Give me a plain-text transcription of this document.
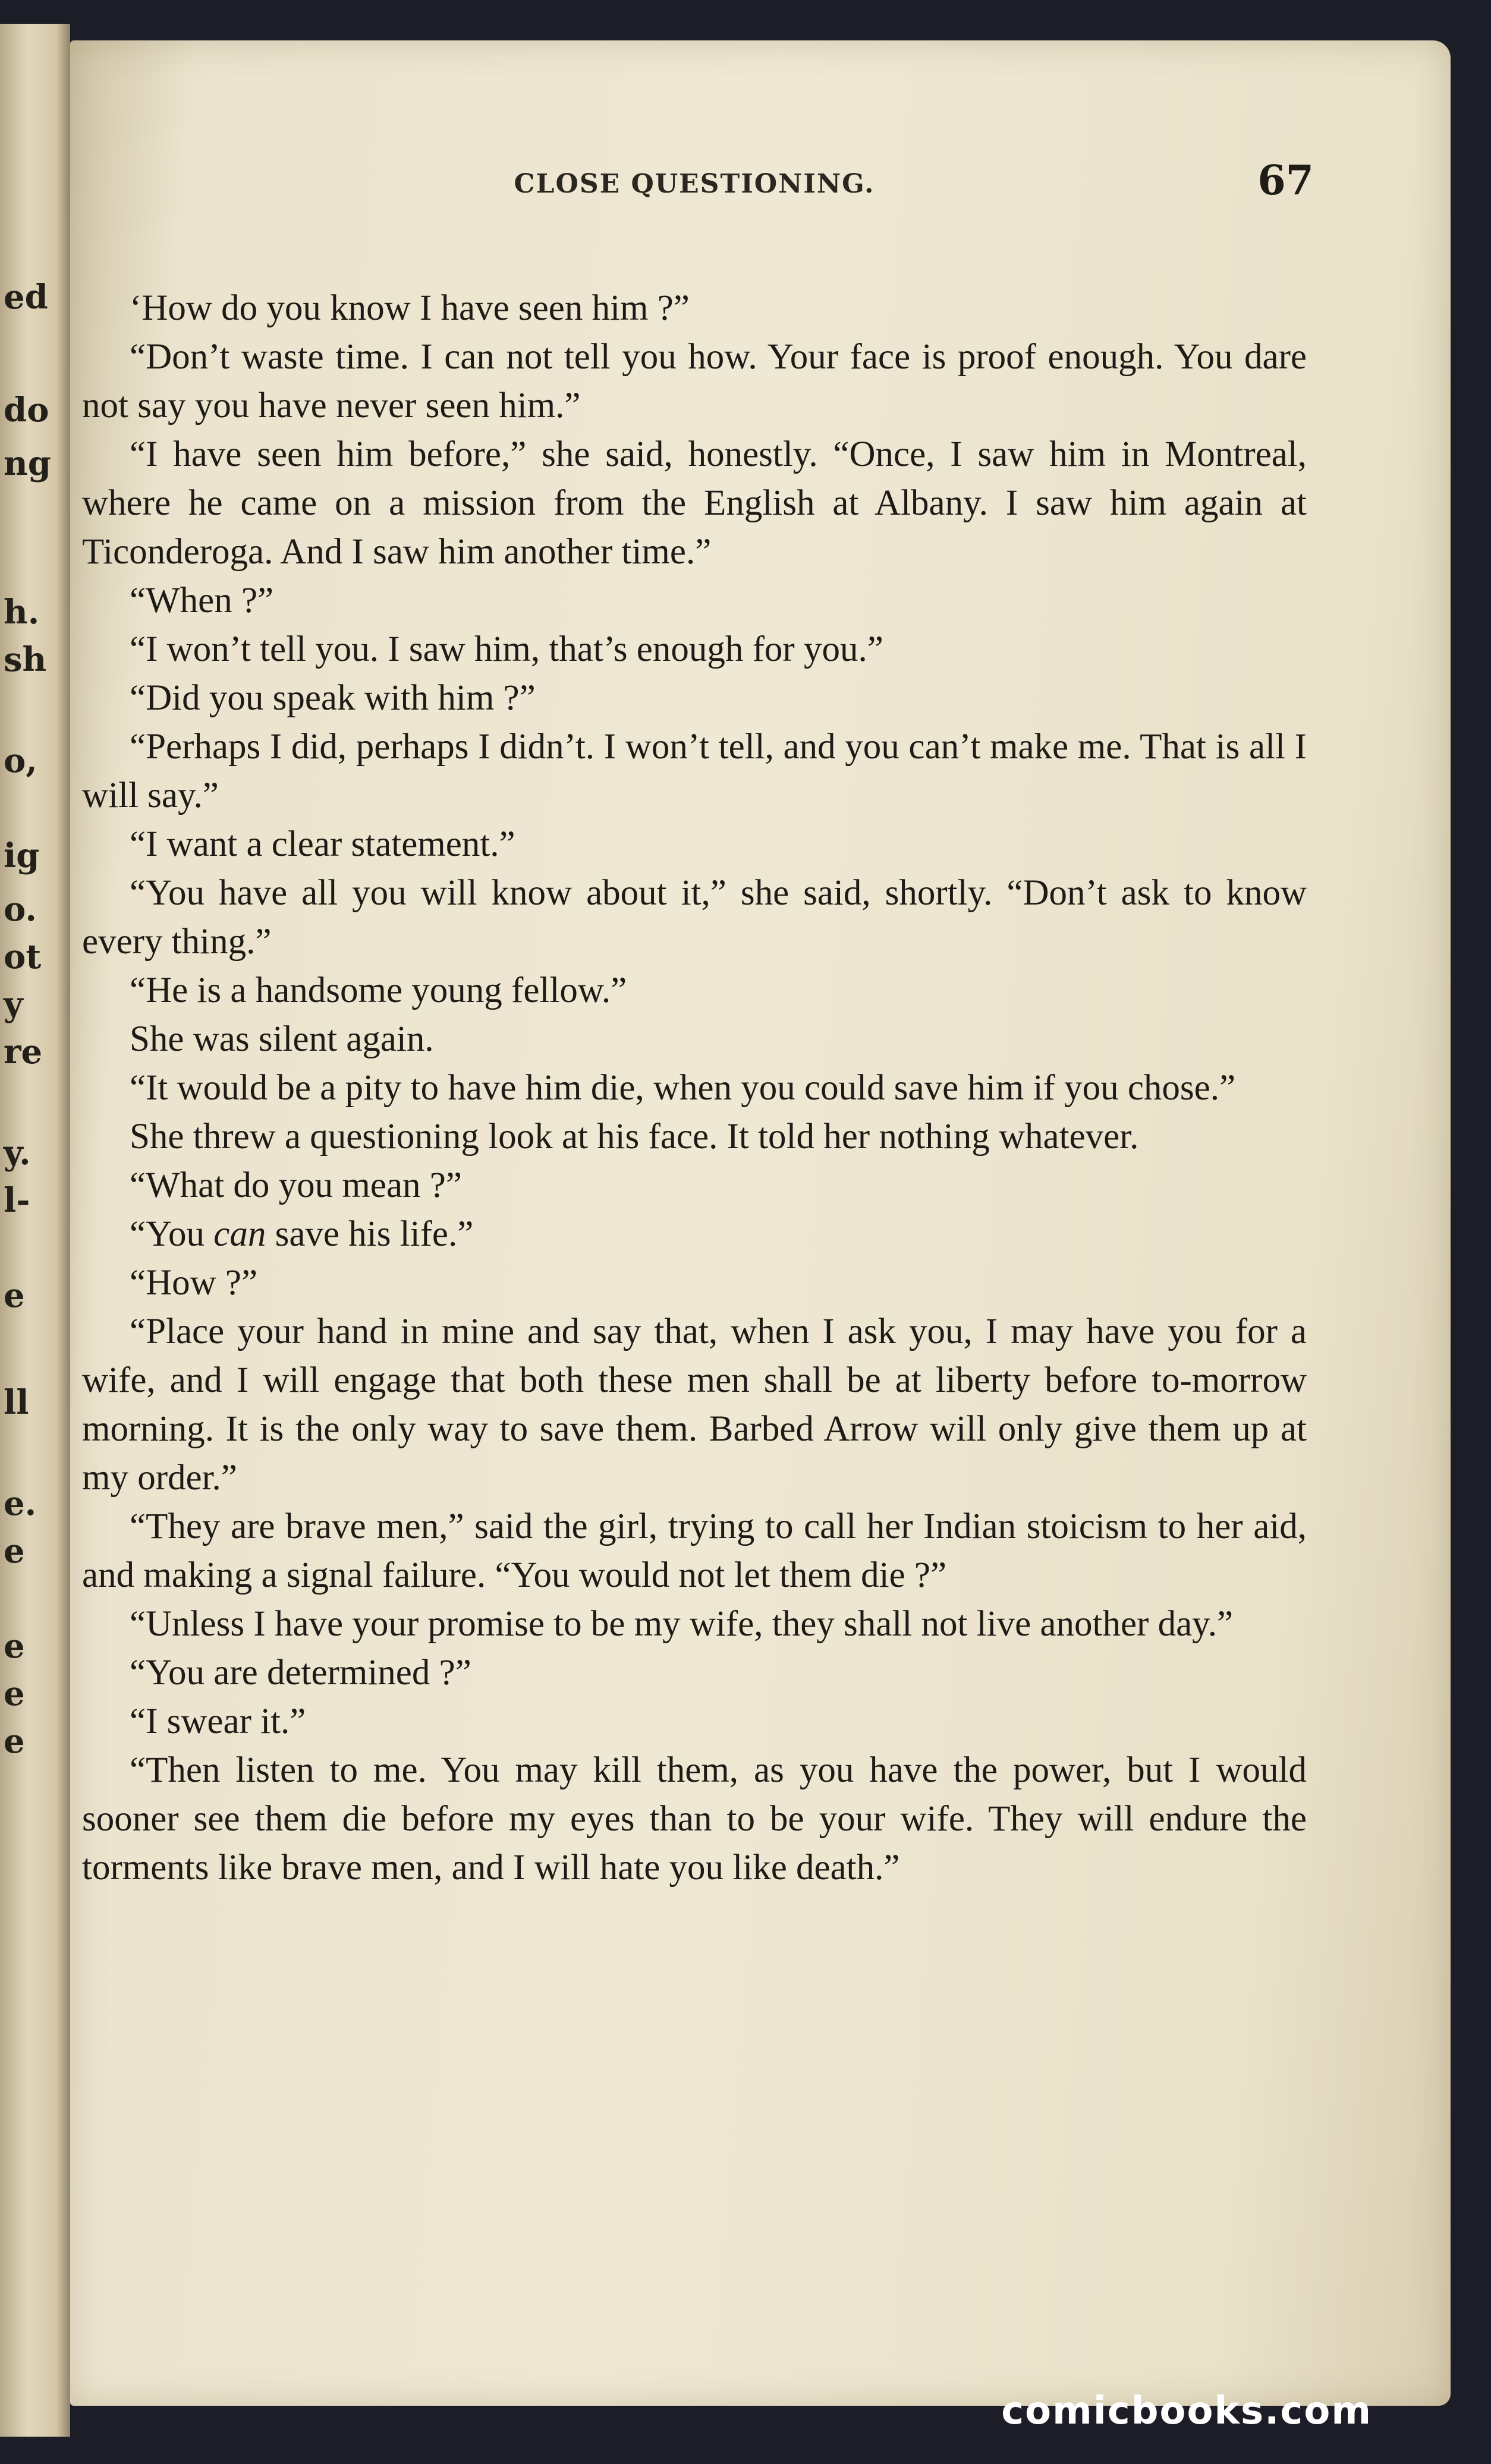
ed
do
ng
h.
sh
o,
ig
o.
ot
y
re
y.
l-
e
ll
e.
e
e
e
e
CLOSE QUESTIONING.	67

‘How do you know I have seen him ?”

“Don’t waste time. I can not tell you how. Your face is proof enough. You dare not say you have never seen him.”

“I have seen him before,” she said, honestly. “Once, I saw him in Montreal, where he came on a mission from the English at Albany. I saw him again at Ticonderoga. And I saw him another time.”

“When ?”

“I won’t tell you. I saw him, that’s enough for you.”

“Did you speak with him ?”

“Perhaps I did, perhaps I didn’t. I won’t tell, and you can’t make me. That is all I will say.”

“I want a clear statement.”

“You have all you will know about it,” she said, shortly. “Don’t ask to know every thing.”

“He is a handsome young fellow.”

She was silent again.

“It would be a pity to have him die, when you could save him if you chose.”

She threw a questioning look at his face. It told her nothing whatever.

“What do you mean ?”

“You can save his life.”

“How ?”

“Place your hand in mine and say that, when I ask you, I may have you for a wife, and I will engage that both these men shall be at liberty before to-morrow morning. It is the only way to save them. Barbed Arrow will only give them up at my order.”

“They are brave men,” said the girl, trying to call her Indian stoicism to her aid, and making a signal failure. “You would not let them die ?”

“Unless I have your promise to be my wife, they shall not live another day.”

“You are determined ?”

“I swear it.”

“Then listen to me. You may kill them, as you have the power, but I would sooner see them die before my eyes than to be your wife. They will endure the torments like brave men, and I will hate you like death.”

comicbooks.com
